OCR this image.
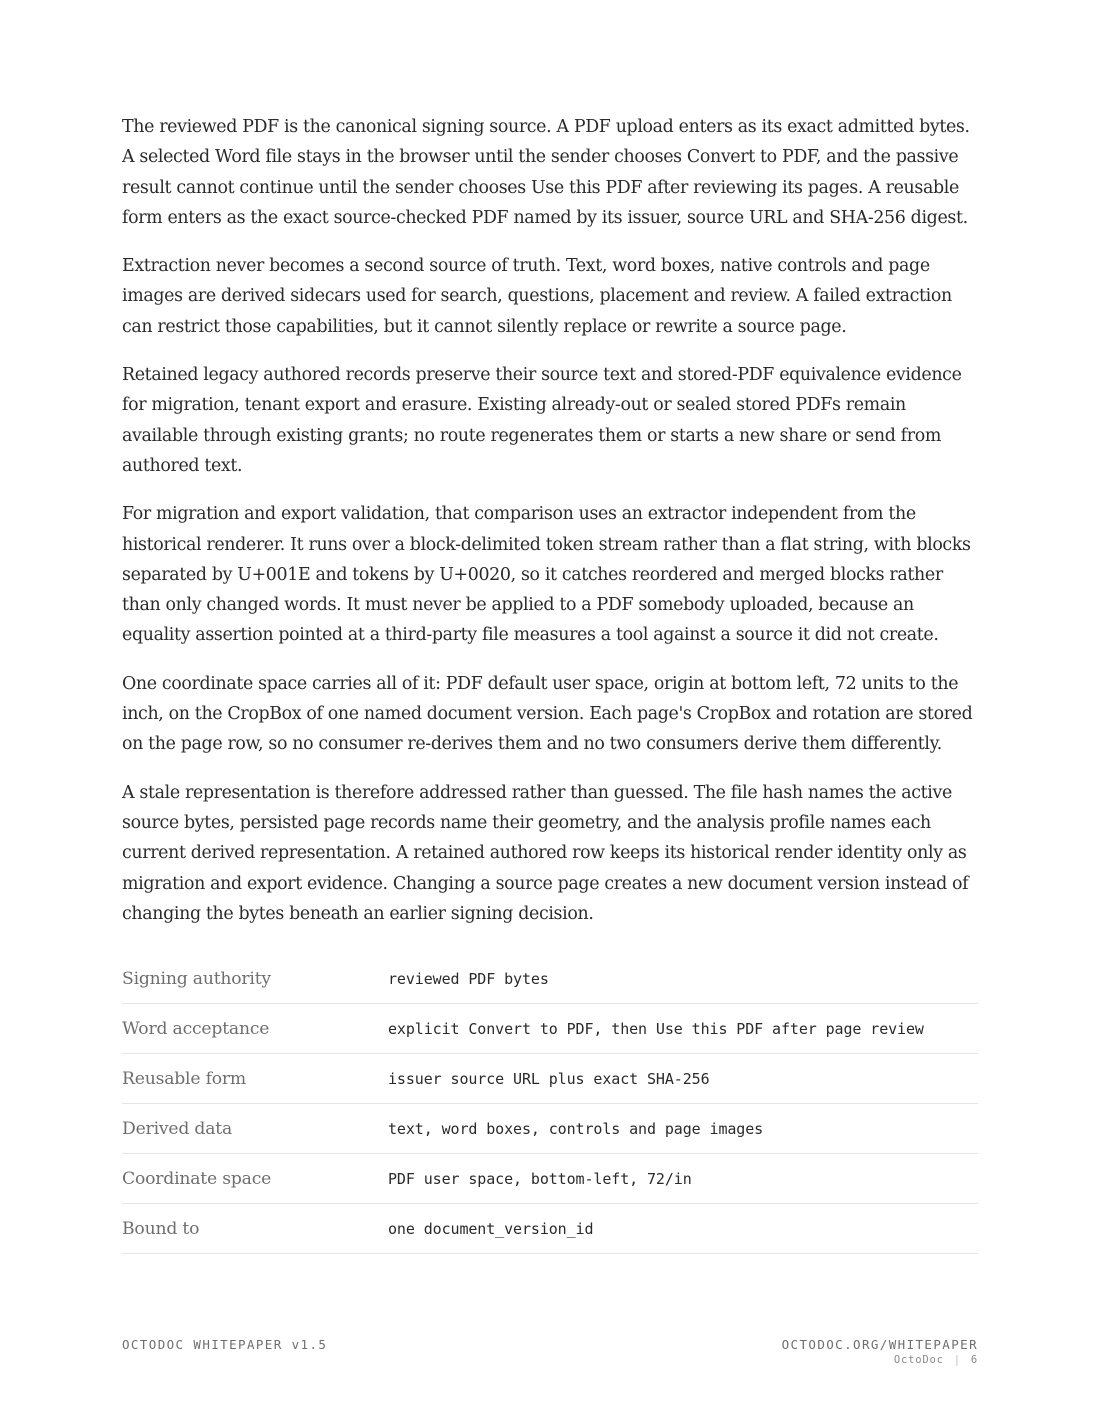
The reviewed PDF is the canonical signing source. A PDF upload enters as its exact admitted bytes. A selected Word file stays in the browser until the sender chooses Convert to PDF, and the passive result cannot continue until the sender chooses Use this PDF after reviewing its pages. A reusable form enters as the exact source-checked PDF named by its issuer, source URL and SHA-256 digest.

Extraction never becomes a second source of truth. Text, word boxes, native controls and page images are derived sidecars used for search, questions, placement and review. A failed extraction can restrict those capabilities, but it cannot silently replace or rewrite a source page.

Retained legacy authored records preserve their source text and stored-PDF equivalence evidence for migration, tenant export and erasure. Existing already-out or sealed stored PDFs remain available through existing grants; no route regenerates them or starts a new share or send from authored text.

For migration and export validation, that comparison uses an extractor independent from the historical renderer. It runs over a block-delimited token stream rather than a flat string, with blocks separated by U+001E and tokens by U+0020, so it catches reordered and merged blocks rather than only changed words. It must never be applied to a PDF somebody uploaded, because an equality assertion pointed at a third-party file measures a tool against a source it did not create.

One coordinate space carries all of it: PDF default user space, origin at bottom left, 72 units to the inch, on the CropBox of one named document version. Each page's CropBox and rotation are stored on the page row, so no consumer re-derives them and no two consumers derive them differently.

A stale representation is therefore addressed rather than guessed. The file hash names the active source bytes, persisted page records name their geometry, and the analysis profile names each current derived representation. A retained authored row keeps its historical render identity only as migration and export evidence. Changing a source page creates a new document version instead of changing the bytes beneath an earlier signing decision.

Signing authority	reviewed PDF bytes
Word acceptance	explicit Convert to PDF, then Use this PDF after page review
Reusable form	issuer source URL plus exact SHA-256
Derived data	text, word boxes, controls and page images
Coordinate space	PDF user space, bottom-left, 72/in
Bound to	one document_version_id
OCTODOC WHITEPAPER v1.5	OCTODOC.ORG/WHITEPAPER
OctoDoc | 6
